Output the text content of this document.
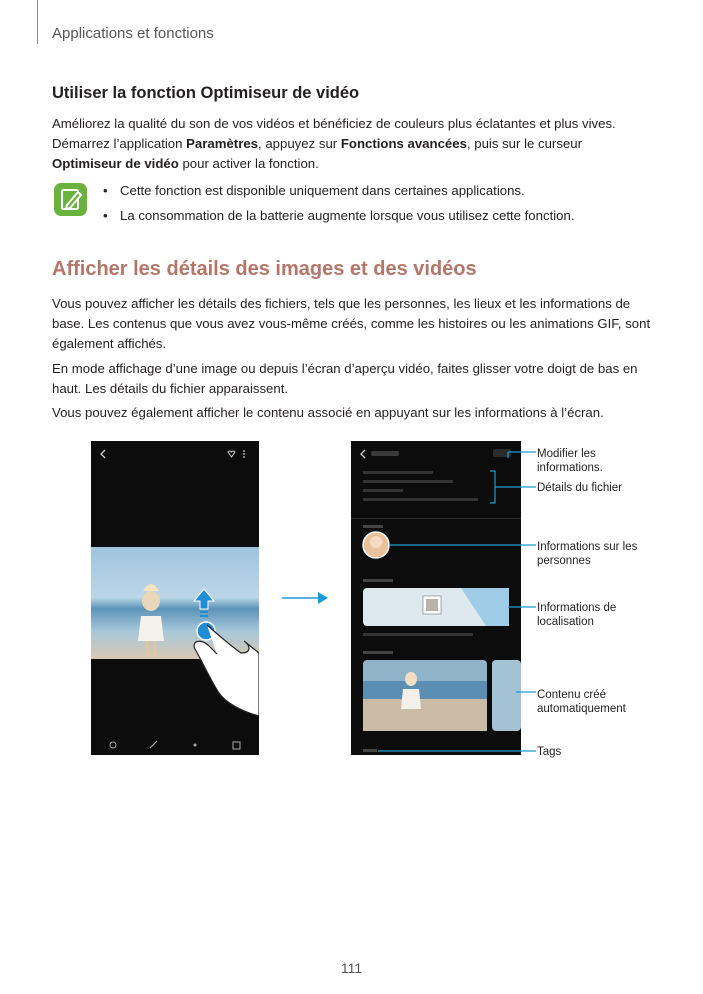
Applications et fonctions
Utiliser la fonction Optimiseur de vidéo
Améliorez la qualité du son de vos vidéos et bénéficiez de couleurs plus éclatantes et plus vives.
Démarrez l’application Paramètres, appuyez sur Fonctions avancées, puis sur le curseur Optimiseur de vidéo pour activer la fonction.
• Cette fonction est disponible uniquement dans certaines applications.
• La consommation de la batterie augmente lorsque vous utilisez cette fonction.
Afficher les détails des images et des vidéos
Vous pouvez afficher les détails des fichiers, tels que les personnes, les lieux et les informations de base. Les contenus que vous avez vous-même créés, comme les histoires ou les animations GIF, sont également affichés.
En mode affichage d’une image ou depuis l’écran d’aperçu vidéo, faites glisser votre doigt de bas en haut. Les détails du fichier apparaissent.
Vous pouvez également afficher le contenu associé en appuyant sur les informations à l’écran.
Modifier les informations.
Détails du fichier
Informations sur les personnes
Informations de localisation
Contenu créé automatiquement
Tags
111
